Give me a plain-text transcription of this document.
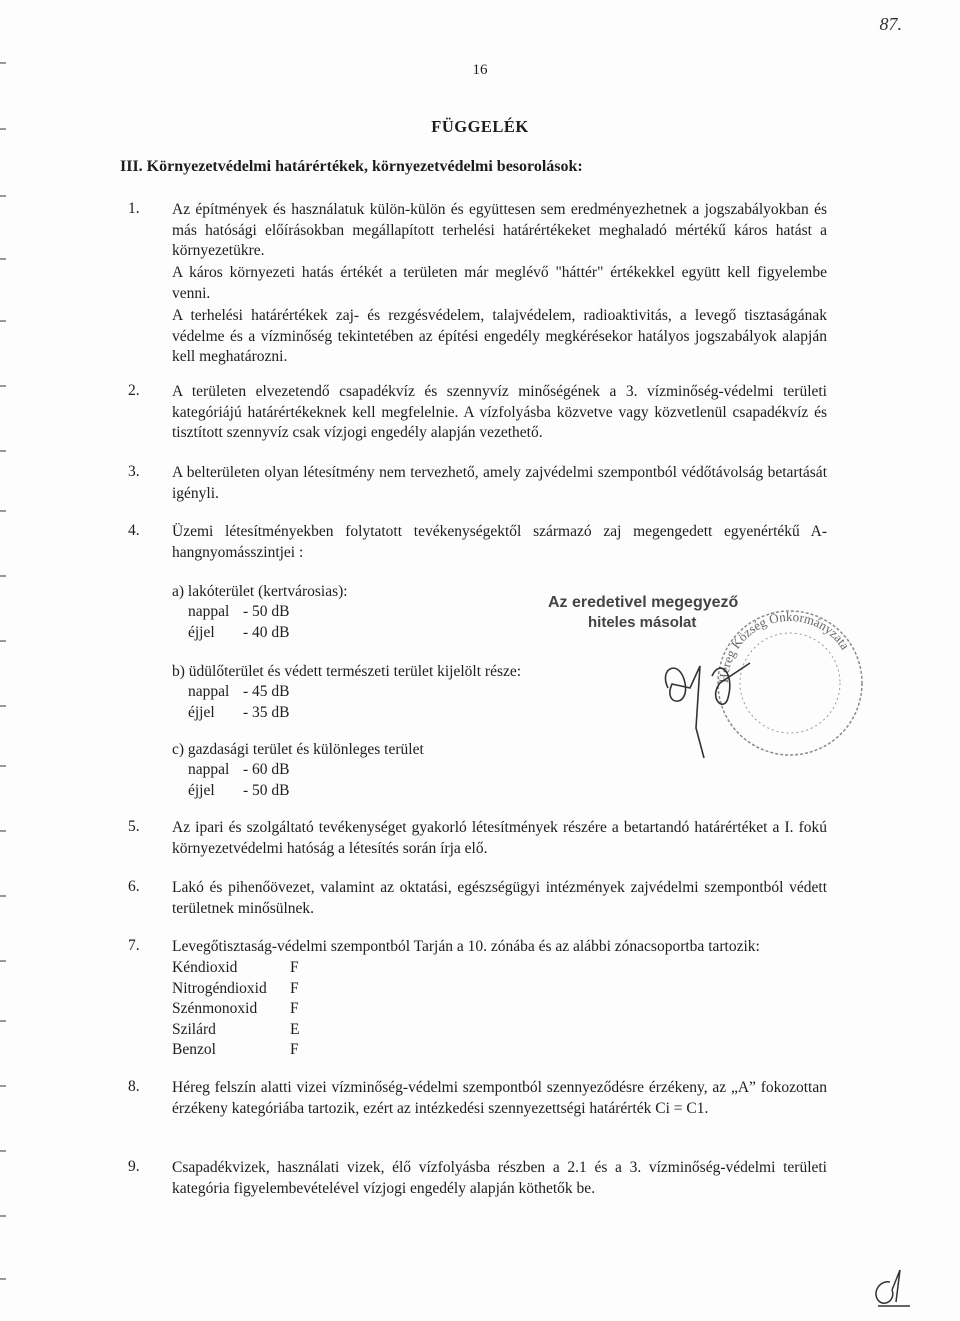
87.
16
FÜGGELÉK
III. Környezetvédelmi határértékek, környezetvédelmi besorolások:
1. Az építmények és használatuk külön-külön és együttesen sem eredményezhetnek a jogszabályokban és más hatósági előírásokban megállapított terhelési határértékeket meghaladó mértékű káros hatást a környezetükre.
A káros környezeti hatás értékét a területen már meglévő "háttér" értékekkel együtt kell figyelembe venni.
A terhelési határértékek zaj- és rezgésvédelem, talajvédelem, radioaktivitás, a levegő tisztaságának védelme és a vízminőség tekintetében az építési engedély megkérésekor hatályos jogszabályok alapján kell meghatározni.
2. A területen elvezetendő csapadékvíz és szennyvíz minőségének a 3. vízminőség-védelmi területi kategóriájú határértékeknek kell megfelelnie. A vízfolyásba közvetve vagy közvetlenül csapadékvíz és tisztított szennyvíz csak vízjogi engedély alapján vezethető.
3. A belterületen olyan létesítmény nem tervezhető, amely zajvédelmi szempontból védőtávolság betartását igényli.
4. Üzemi létesítményekben folytatott tevékenységektől származó zaj megengedett egyenértékű A-hangnyomásszintjei :
a) lakóterület (kertvárosias):
nappal	- 50 dB
éjjel	- 40 dB
b) üdülőterület és védett természeti terület kijelölt része:
nappal	- 45 dB
éjjel	- 35 dB
c) gazdasági terület és különleges terület
nappal	- 60 dB
éjjel	- 50 dB
Az eredetivel megegyező
hiteles másolat
Héreg Község Önkormányzata
5. Az ipari és szolgáltató tevékenységet gyakorló létesítmények részére a betartandó határértéket a I. fokú környezetvédelmi hatóság a létesítés során írja elő.
6. Lakó és pihenőövezet, valamint az oktatási, egészségügyi intézmények zajvédelmi szempontból védett területnek minősülnek.
7. Levegőtisztaság-védelmi szempontból Tarján a 10. zónába és az alábbi zónacsoportba tartozik:
Kéndioxid	F
Nitrogéndioxid	F
Szénmonoxid	F
Szilárd	E
Benzol	F
8. Héreg felszín alatti vizei vízminőség-védelmi szempontból szennyeződésre érzékeny, az „A” fokozottan érzékeny kategóriába tartozik, ezért az intézkedési szennyezettségi határérték Ci = C1.
9. Csapadékvizek, használati vizek, élő vízfolyásba részben a 2.1 és a 3. vízminőség-védelmi területi kategória figyelembevételével vízjogi engedély alapján köthetők be.
